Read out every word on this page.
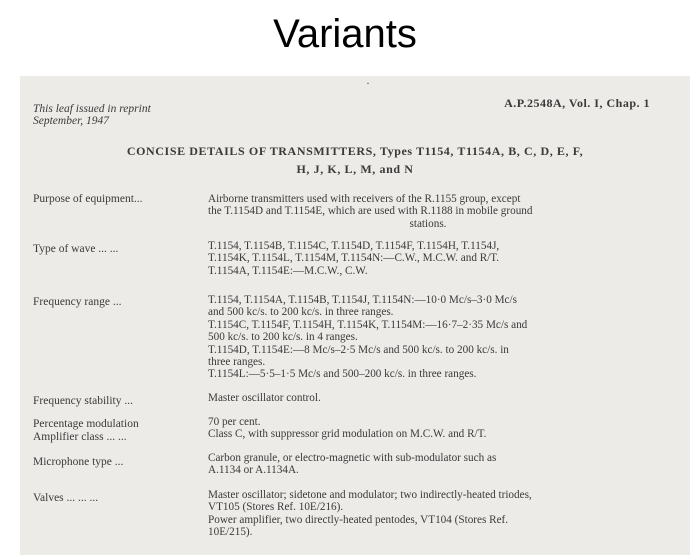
Variants
·
This leaf issued in reprint
September, 1947
A.P.2548A, Vol. I, Chap. 1
CONCISE DETAILS OF TRANSMITTERS, Types T1154, T1154A, B, C, D, E, F,
H, J, K, L, M, and N
Purpose of equipment...	Airborne transmitters used with receivers of the R.1155 group, except
the T.1154D and T.1154E, which are used with R.1188 in mobile ground
stations.
Type of wave ... ...	T.1154, T.1154B, T.1154C, T.1154D, T.1154F, T.1154H, T.1154J,
T.1154K, T.1154L, T.1154M, T.1154N:—C.W., M.C.W. and R/T.
T.1154A, T.1154E:—M.C.W., C.W.
Frequency range ...	T.1154, T.1154A, T.1154B, T.1154J, T.1154N:—10·0 Mc/s–3·0 Mc/s
and 500 kc/s. to 200 kc/s. in three ranges.
T.1154C, T.1154F, T.1154H, T.1154K, T.1154M:—16·7–2·35 Mc/s and
500 kc/s. to 200 kc/s. in 4 ranges.
T.1154D, T.1154E:—8 Mc/s–2·5 Mc/s and 500 kc/s. to 200 kc/s. in
three ranges.
T.1154L:—5·5–1·5 Mc/s and 500–200 kc/s. in three ranges.
Frequency stability ...	Master oscillator control.
Percentage modulation	70 per cent.
Amplifier class ... ...	Class C, with suppressor grid modulation on M.C.W. and R/T.
Microphone type ...	Carbon granule, or electro-magnetic with sub-modulator such as
A.1134 or A.1134A.
Valves ... ... ...	Master oscillator; sidetone and modulator; two indirectly-heated triodes,
VT105 (Stores Ref. 10E/216).
Power amplifier, two directly-heated pentodes, VT104 (Stores Ref.
10E/215).
